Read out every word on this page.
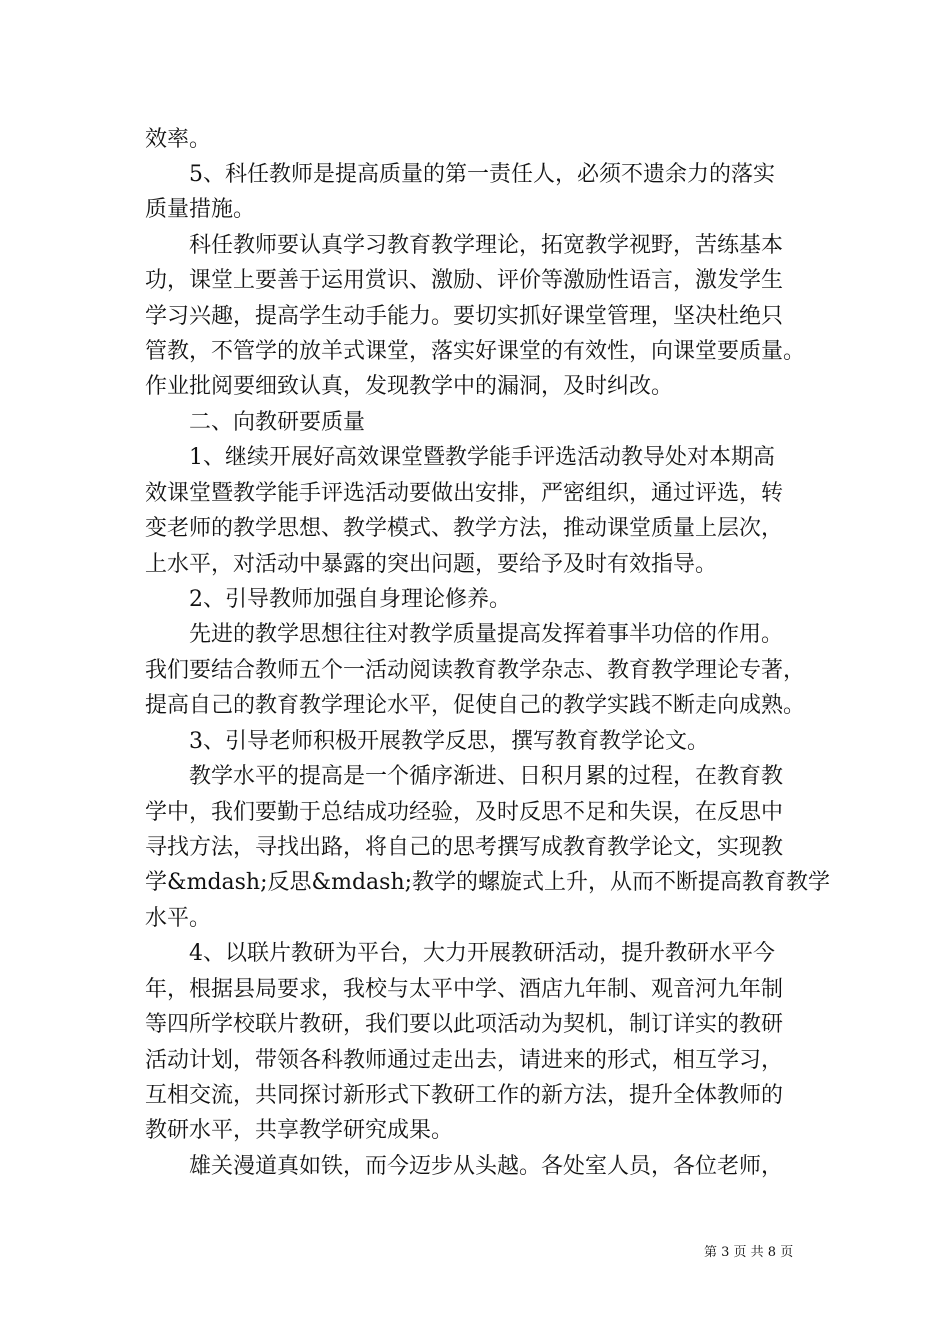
效率。
　　5、科任教师是提高质量的第一责任人，必须不遗余力的落实
质量措施。
　　科任教师要认真学习教育教学理论，拓宽教学视野，苦练基本
功，课堂上要善于运用赏识、激励、评价等激励性语言，激发学生
学习兴趣，提高学生动手能力。要切实抓好课堂管理，坚决杜绝只
管教，不管学的放羊式课堂，落实好课堂的有效性，向课堂要质量。
作业批阅要细致认真，发现教学中的漏洞，及时纠改。
　　二、向教研要质量
　　1、继续开展好高效课堂暨教学能手评选活动教导处对本期高
效课堂暨教学能手评选活动要做出安排，严密组织，通过评选，转
变老师的教学思想、教学模式、教学方法，推动课堂质量上层次，
上水平，对活动中暴露的突出问题，要给予及时有效指导。
　　2、引导教师加强自身理论修养。
　　先进的教学思想往往对教学质量提高发挥着事半功倍的作用。
我们要结合教师五个一活动阅读教育教学杂志、教育教学理论专著，
提高自己的教育教学理论水平，促使自己的教学实践不断走向成熟。
　　3、引导老师积极开展教学反思，撰写教育教学论文。
　　教学水平的提高是一个循序渐进、日积月累的过程，在教育教
学中，我们要勤于总结成功经验，及时反思不足和失误，在反思中
寻找方法，寻找出路，将自己的思考撰写成教育教学论文，实现教
学&mdash;反思&mdash;教学的螺旋式上升，从而不断提高教育教学
水平。
　　4、以联片教研为平台，大力开展教研活动，提升教研水平今
年，根据县局要求，我校与太平中学、酒店九年制、观音河九年制
等四所学校联片教研，我们要以此项活动为契机，制订详实的教研
活动计划，带领各科教师通过走出去，请进来的形式，相互学习，
互相交流，共同探讨新形式下教研工作的新方法，提升全体教师的
教研水平，共享教学研究成果。
　　雄关漫道真如铁，而今迈步从头越。各处室人员，各位老师，
第 3 页 共 8 页
